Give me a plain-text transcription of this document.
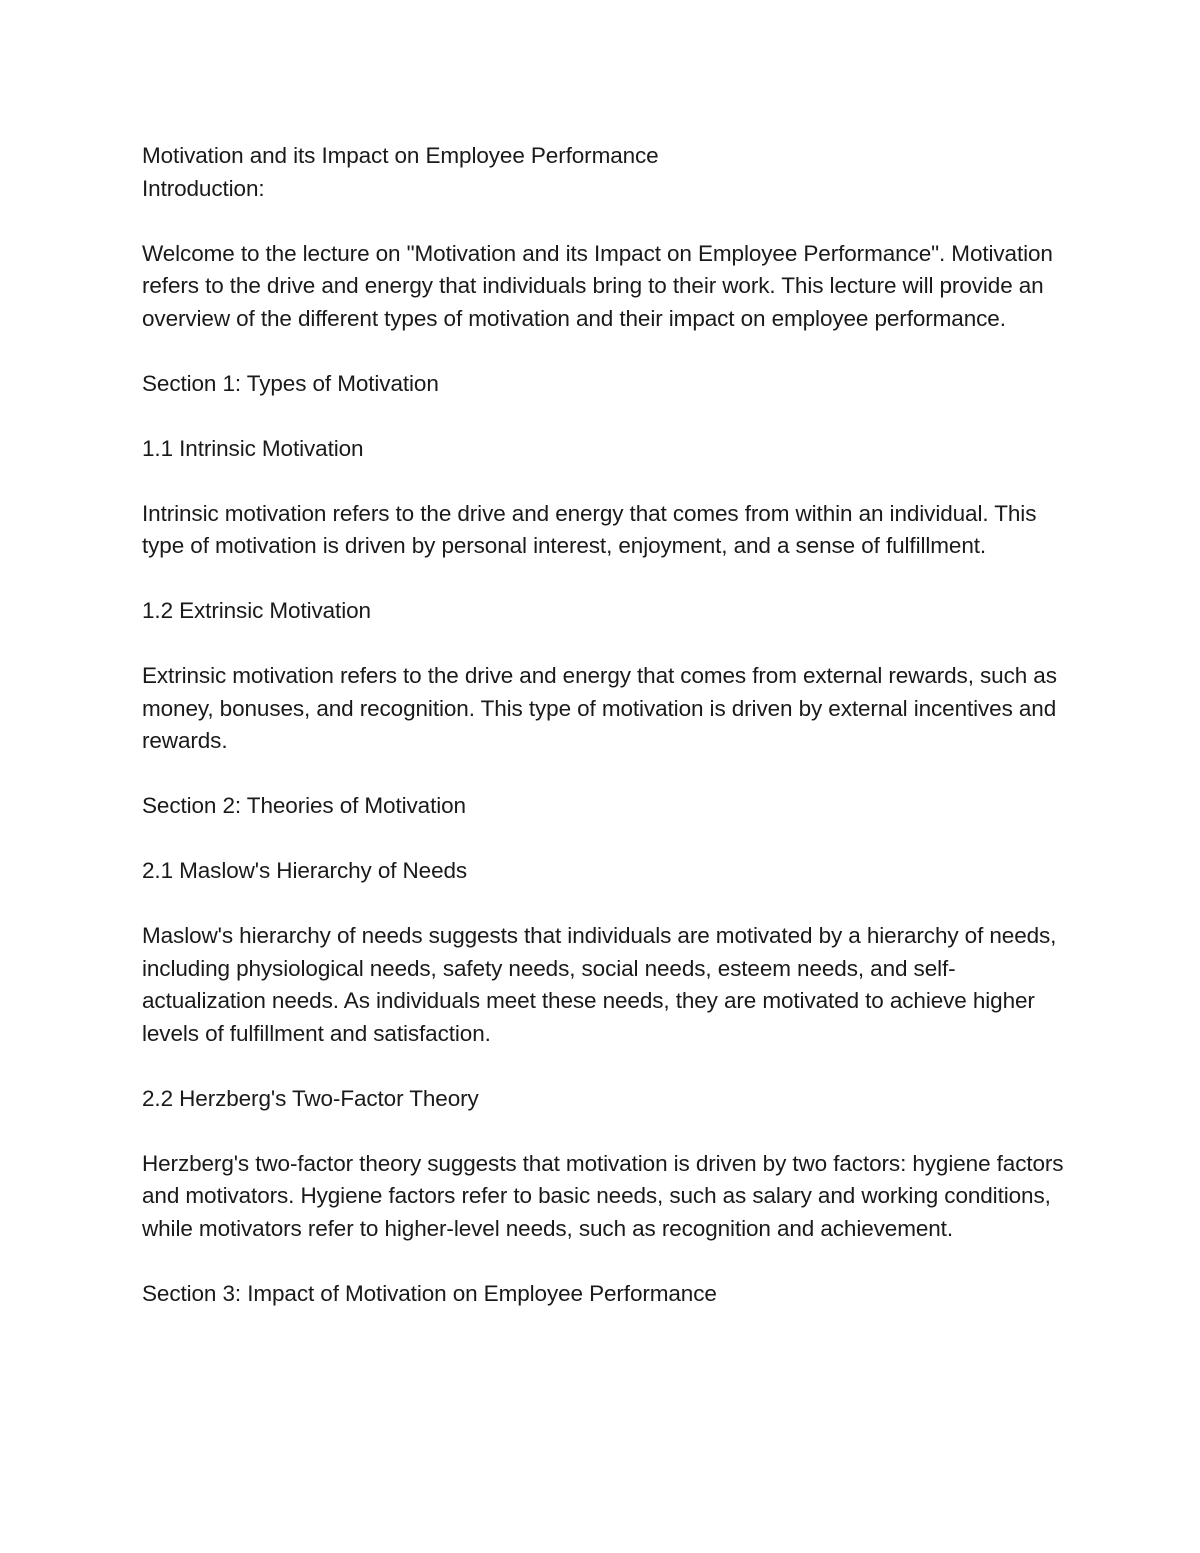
Motivation and its Impact on Employee Performance

Introduction:

Welcome to the lecture on "Motivation and its Impact on Employee Performance". Motivation refers to the drive and energy that individuals bring to their work. This lecture will provide an overview of the different types of motivation and their impact on employee performance.
Section 1: Types of Motivation
1.1 Intrinsic Motivation
Intrinsic motivation refers to the drive and energy that comes from within an individual. This type of motivation is driven by personal interest, enjoyment, and a sense of fulfillment.
1.2 Extrinsic Motivation
Extrinsic motivation refers to the drive and energy that comes from external rewards, such as money, bonuses, and recognition. This type of motivation is driven by external incentives and rewards.
Section 2: Theories of Motivation
2.1 Maslow's Hierarchy of Needs
Maslow's hierarchy of needs suggests that individuals are motivated by a hierarchy of needs, including physiological needs, safety needs, social needs, esteem needs, and self-actualization needs. As individuals meet these needs, they are motivated to achieve higher levels of fulfillment and satisfaction.
2.2 Herzberg's Two-Factor Theory
Herzberg's two-factor theory suggests that motivation is driven by two factors: hygiene factors and motivators. Hygiene factors refer to basic needs, such as salary and working conditions, while motivators refer to higher-level needs, such as recognition and achievement.
Section 3: Impact of Motivation on Employee Performance
